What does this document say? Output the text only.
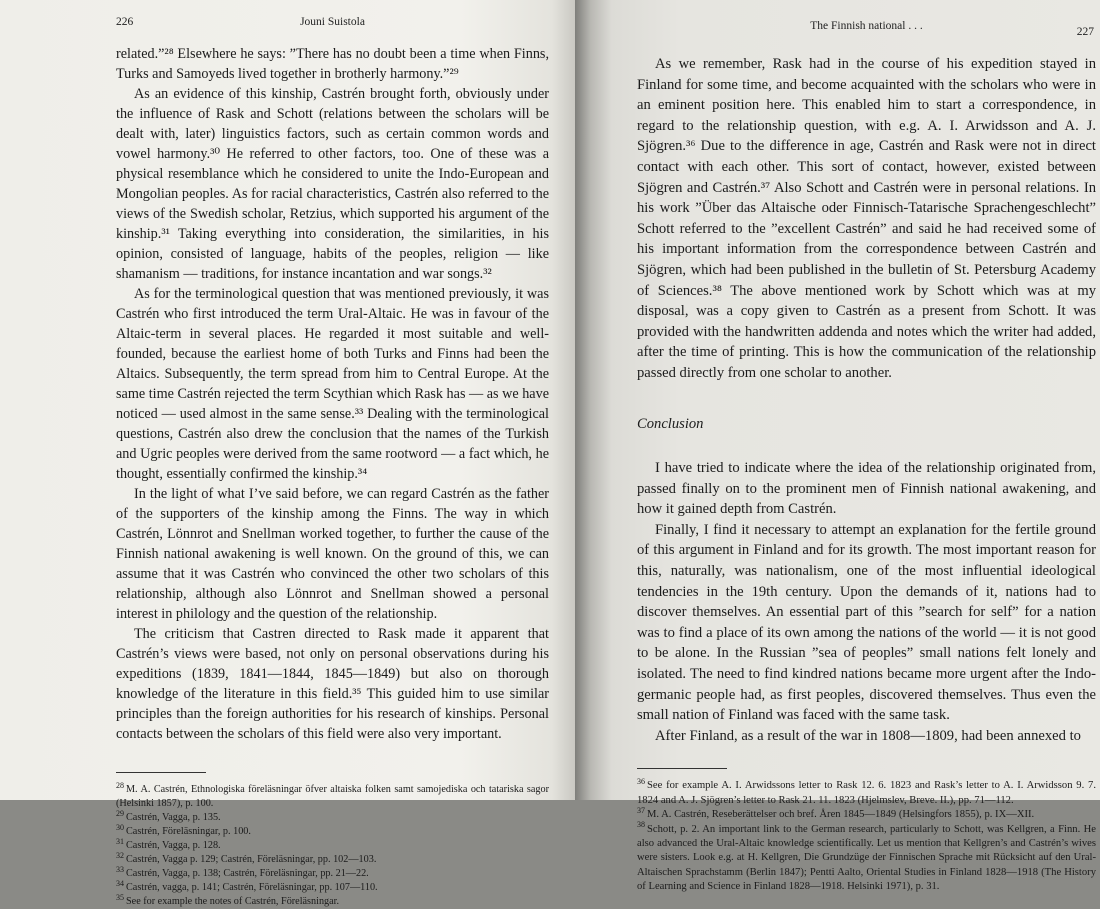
226	Jouni Suistola

related.”²⁸ Elsewhere he says: ”There has no doubt been a time when Finns, Turks and Samoyeds lived together in brotherly harmony.”²⁹

As an evidence of this kinship, Castrén brought forth, obviously under the influence of Rask and Schott (relations between the scholars will be dealt with, later) linguistics factors, such as certain common words and vowel harmony.³⁰ He referred to other factors, too. One of these was a physical resemblance which he considered to unite the Indo-European and Mongolian peoples. As for racial characteristics, Castrén also referred to the views of the Swedish scholar, Retzius, which supported his argument of the kinship.³¹ Taking everything into consideration, the similarities, in his opinion, consisted of language, habits of the peoples, religion — like shamanism — traditions, for instance incantation and war songs.³²

As for the terminological question that was mentioned previously, it was Castrén who first introduced the term Ural-Altaic. He was in favour of the Altaic-term in several places. He regarded it most suitable and well-founded, because the earliest home of both Turks and Finns had been the Altaics. Subsequently, the term spread from him to Central Europe. At the same time Castrén rejected the term Scythian which Rask has — as we have noticed — used almost in the same sense.³³ Dealing with the terminological questions, Castrén also drew the conclusion that the names of the Turkish and Ugric peoples were derived from the same rootword — a fact which, he thought, essentially confirmed the kinship.³⁴

In the light of what I’ve said before, we can regard Castrén as the father of the supporters of the kinship among the Finns. The way in which Castrén, Lönnrot and Snellman worked together, to further the cause of the Finnish national awakening is well known. On the ground of this, we can assume that it was Castrén who convinced the other two scholars of this relationship, although also Lönnrot and Snellman showed a personal interest in philology and the question of the relationship.

The criticism that Castren directed to Rask made it apparent that Castrén’s views were based, not only on personal observations during his expeditions (1839, 1841—1844, 1845—1849) but also on thorough knowledge of the literature in this field.³⁵ This guided him to use similar principles than the foreign authorities for his research of kinships. Personal contacts between the scholars of this field were also very important.

$^{28}$ M. A. Castrén, Ethnologiska föreläsningar öfver altaiska folken samt samojediska och tatariska sagor (Helsinki 1857), p. 100.
$^{29}$ Castrén, Vagga, p. 135.
$^{30}$ Castrén, Föreläsningar, p. 100.
$^{31}$ Castrén, Vagga, p. 128.
$^{32}$ Castrén, Vagga p. 129; Castrén, Föreläsningar, pp. 102—103.
$^{33}$ Castrén, Vagga, p. 138; Castrén, Föreläsningar, pp. 21—22.
$^{34}$ Castrén, vagga, p. 141; Castrén, Föreläsningar, pp. 107—110.
$^{35}$ See for example the notes of Castrén, Föreläsningar.
The Finnish national . . .	227

As we remember, Rask had in the course of his expedition stayed in Finland for some time, and become acquainted with the scholars who were in an eminent position here. This enabled him to start a correspondence, in regard to the relationship question, with e.g. A. I. Arwidsson and A. J. Sjögren.³⁶ Due to the difference in age, Castrén and Rask were not in direct contact with each other. This sort of contact, however, existed between Sjögren and Castrén.³⁷ Also Schott and Castrén were in personal relations. In his work ”Über das Altaische oder Finnisch-Tatarische Sprachengeschlecht” Schott referred to the ”excellent Castrén” and said he had received some of his important information from the correspondence between Castrén and Sjögren, which had been published in the bulletin of St. Petersburg Academy of Sciences.³⁸ The above mentioned work by Schott which was at my disposal, was a copy given to Castrén as a present from Schott. It was provided with the handwritten addenda and notes which the writer had added, after the time of printing. This is how the communication of the relationship passed directly from one scholar to another.

Conclusion

I have tried to indicate where the idea of the relationship originated from, passed finally on to the prominent men of Finnish national awakening, and how it gained depth from Castrén.

Finally, I find it necessary to attempt an explanation for the fertile ground of this argument in Finland and for its growth. The most important reason for this, naturally, was nationalism, one of the most influential ideological tendencies in the 19th century. Upon the demands of it, nations had to discover themselves. An essential part of this ”search for self” for a nation was to find a place of its own among the nations of the world — it is not good to be alone. In the Russian ”sea of peoples” small nations felt lonely and isolated. The need to find kindred nations became more urgent after the Indo-germanic people had, as first peoples, discovered themselves. Thus even the small nation of Finland was faced with the same task.

After Finland, as a result of the war in 1808—1809, had been annexed to

$^{36}$ See for example A. I. Arwidssons letter to Rask 12. 6. 1823 and Rask’s letter to A. I. Arwidsson 9. 7. 1824 and A. J. Sjögren’s letter to Rask 21. 11. 1823 (Hjelmslev, Breve. II.), pp. 71—112.
$^{37}$ M. A. Castrén, Reseberättelser och bref. Åren 1845—1849 (Helsingfors 1855), p. IX—XII.
$^{38}$ Schott, p. 2. An important link to the German research, particularly to Schott, was Kellgren, a Finn. He also advanced the Ural-Altaic knowledge scientifically. Let us mention that Kellgren’s and Castrén’s wives were sisters. Look e.g. at H. Kellgren, Die Grundzüge der Finnischen Sprache mit Rücksicht auf den Ural-Altaischen Sprachstamm (Berlin 1847); Pentti Aalto, Oriental Studies in Finland 1828—1918 (The History of Learning and Science in Finland 1828—1918. Helsinki 1971), p. 31.
